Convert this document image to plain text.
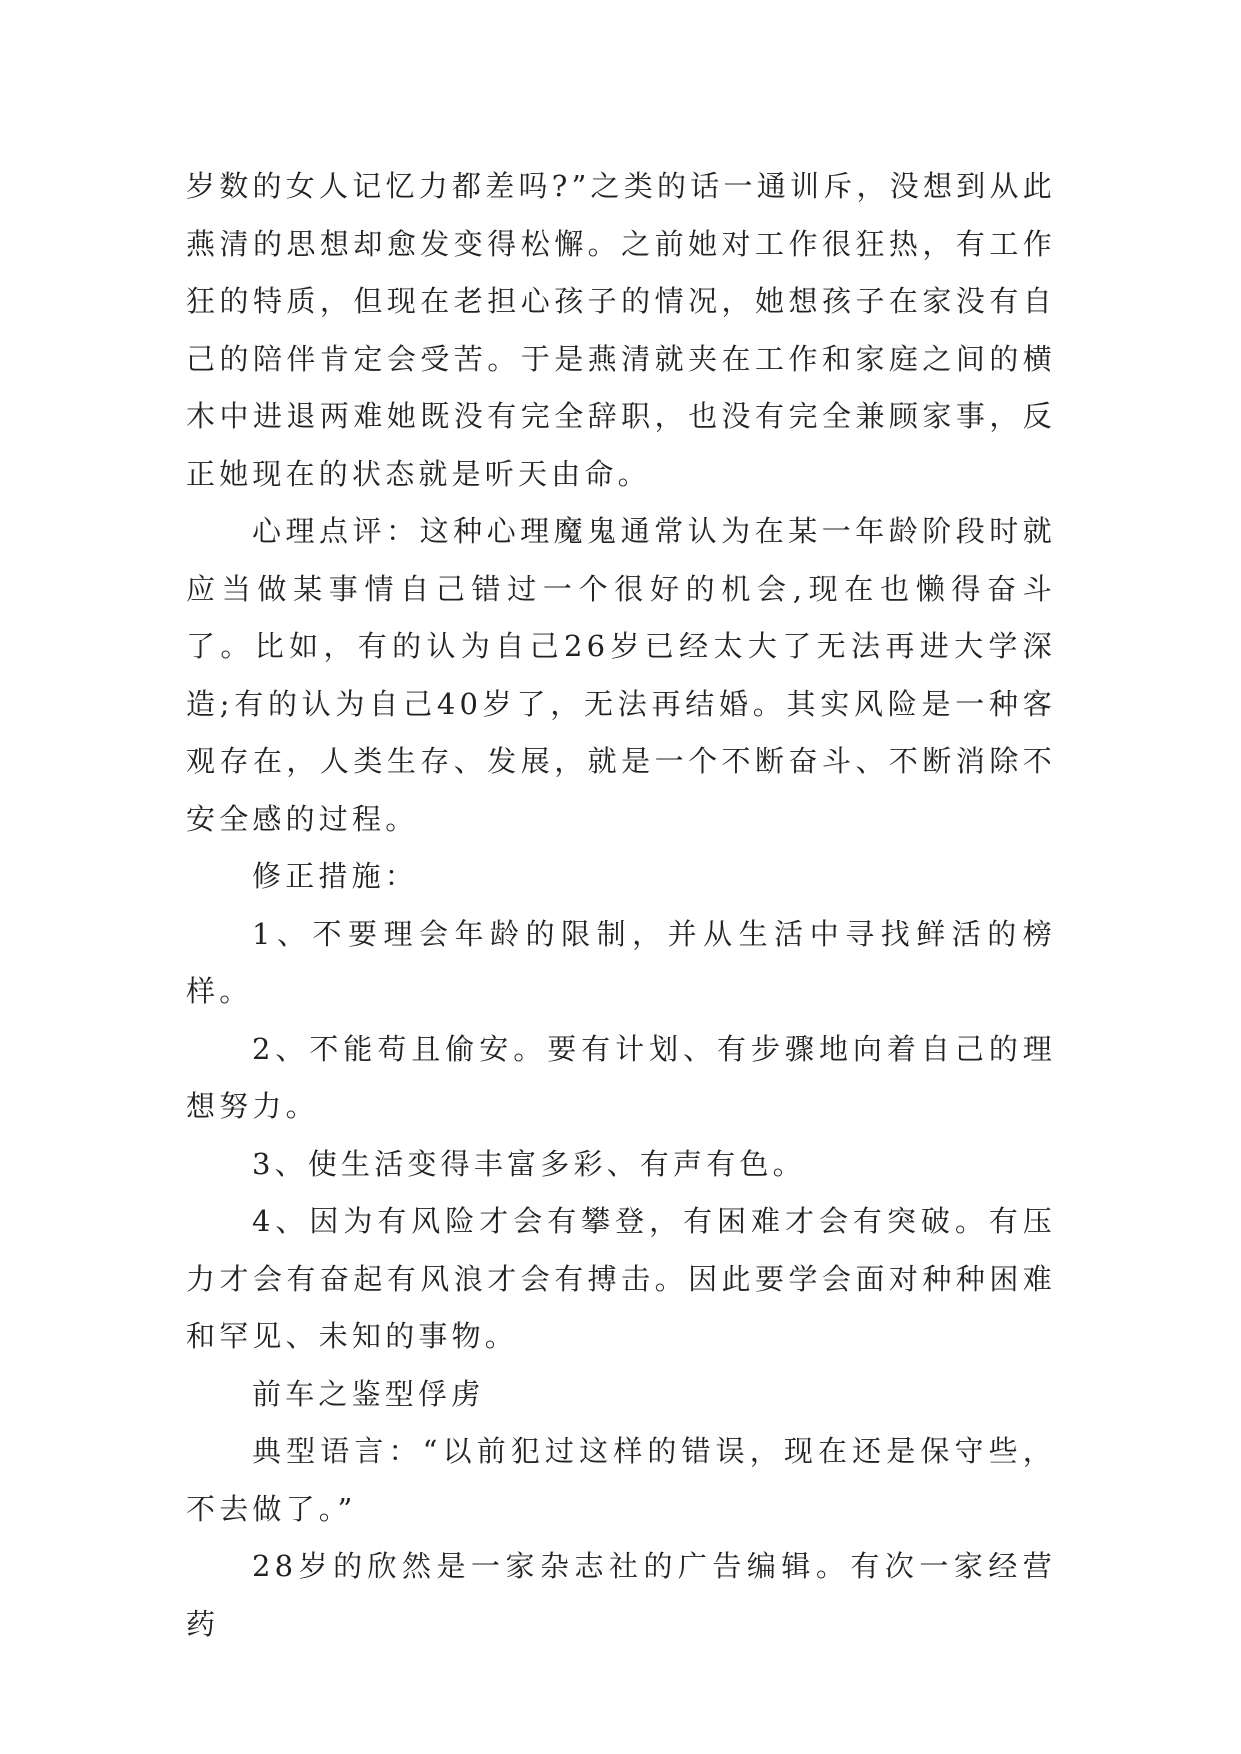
岁数的女人记忆力都差吗?”之类的话一通训斥，没想到从此燕清的思想却愈发变得松懈。之前她对工作很狂热，有工作狂的特质，但现在老担心孩子的情况，她想孩子在家没有自己的陪伴肯定会受苦。于是燕清就夹在工作和家庭之间的横木中进退两难她既没有完全辞职，也没有完全兼顾家事，反正她现在的状态就是听天由命。

心理点评：这种心理魔鬼通常认为在某一年龄阶段时就应当做某事情自己错过一个很好的机会,现在也懒得奋斗了。比如，有的认为自己26岁已经太大了无法再进大学深造;有的认为自己40岁了，无法再结婚。其实风险是一种客观存在，人类生存、发展，就是一个不断奋斗、不断消除不安全感的过程。

修正措施：

1、不要理会年龄的限制，并从生活中寻找鲜活的榜样。

2、不能苟且偷安。要有计划、有步骤地向着自己的理想努力。

3、使生活变得丰富多彩、有声有色。

4、因为有风险才会有攀登，有困难才会有突破。有压力才会有奋起有风浪才会有搏击。因此要学会面对种种困难和罕见、未知的事物。

前车之鉴型俘虏

典型语言：“以前犯过这样的错误，现在还是保守些，不去做了。”

28岁的欣然是一家杂志社的广告编辑。有次一家经营药
